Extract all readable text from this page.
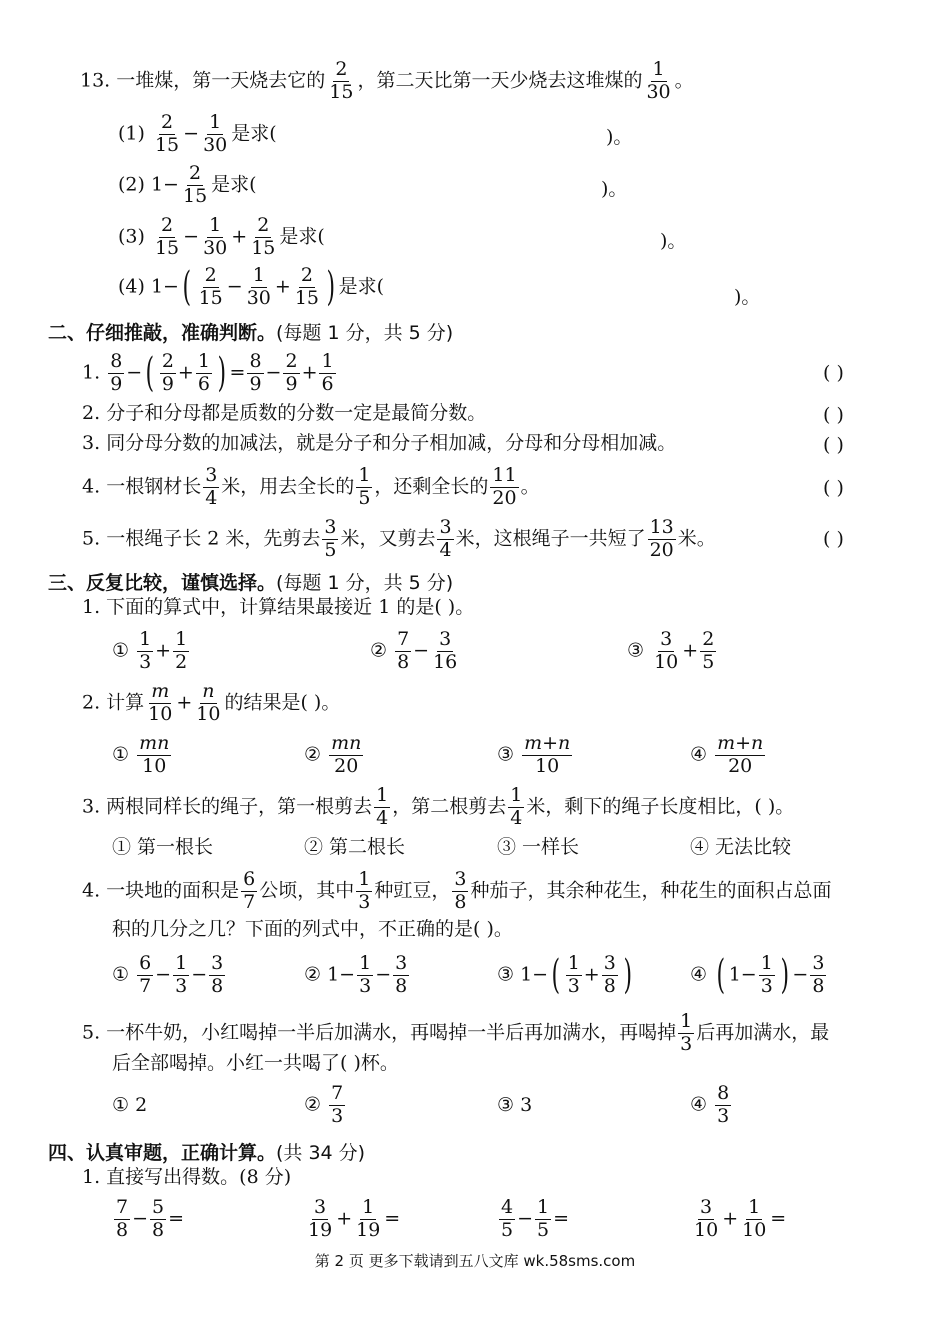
13. 一堆煤，第一天烧去它的 $\frac{2}{15}$ ，第二天比第一天少烧去这堆煤的 $\frac{1}{30}$ 。
$(1) \frac{2}{15} - \frac{1}{30}$ 是求(	)。
(2) $1- \frac{2}{15}$ 是求(	)。
$(3) \frac{2}{15} - \frac{1}{30} + \frac{2}{15}$ 是求(	)。
(4) $1-( \frac{2}{15} - \frac{1}{30} + \frac{2}{15}$ ) 是求(	)。
二、仔细推敲，准确判断。(每题 1 分，共 5 分)
1. $\frac{8}{9}$ −( $\frac{2}{9} + \frac{1}{6}$ ) = $\frac{8}{9} - \frac{2}{9} + \frac{1}{6}$	( )
2. 分子和分母都是质数的分数一定是最简分数。	( )
3. 同分母分数的加减法，就是分子和分子相加减，分母和分母相加减。	( )
4. 一根钢材长 $\frac{3}{4}$ 米，用去全长的 $\frac{1}{5}$ ，还剩全长的 $\frac{11}{20}$ 。	( )
5. 一根绳子长 2 米，先剪去 $\frac{3}{5}$ 米，又剪去 $\frac{3}{4}$ 米，这根绳子一共短了 $\frac{13}{20}$ 米。	( )
三、反复比较，谨慎选择。(每题 1 分，共 5 分)
1. 下面的算式中，计算结果最接近 1 的是( )。
① $\frac{1}{3} + \frac{1}{2}$	② $\frac{7}{8} - \frac{3}{16}$	③ $\frac{3}{10} + \frac{2}{5}$
2. 计算 $\frac{m}{10} + \frac{n}{10}$ 的结果是( )。
① $\frac{mn}{10}$	② $\frac{mn}{20}$	③ $\frac{m+n}{10}$	④ $\frac{m+n}{20}$
3. 两根同样长的绳子，第一根剪去 $\frac{1}{4}$ ，第二根剪去 $\frac{1}{4}$ 米，剩下的绳子长度相比，( )。
① 第一根长	② 第二根长	③ 一样长	④ 无法比较
4. 一块地的面积是 $\frac{6}{7}$ 公顷，其中 $\frac{1}{3}$ 种豇豆， $\frac{3}{8}$ 种茄子，其余种花生，种花生的面积占总面
积的几分之几？下面的列式中，不正确的是( )。
① $\frac{6}{7} - \frac{1}{3} - \frac{3}{8}$	② $1- \frac{1}{3} - \frac{3}{8}$	③ $1-( \frac{1}{3} + \frac{3}{8}$ )	④ ( $1- \frac{1}{3}$ ) − $\frac{3}{8}$
5. 一杯牛奶，小红喝掉一半后加满水，再喝掉一半后再加满水，再喝掉 $\frac{1}{3}$ 后再加满水，最
后全部喝掉。小红一共喝了( )杯。
① 2	② $\frac{7}{3}$	③ 3	④ $\frac{8}{3}$
四、认真审题，正确计算。(共 34 分)
1. 直接写出得数。(8 分)
$\frac{7}{8} - \frac{5}{8}$ =	$\frac{3}{19} + \frac{1}{19}$ =	$\frac{4}{5} - \frac{1}{5}$ =	$\frac{3}{10} + \frac{1}{10}$ =
第 2 页 更多下载请到五八文库 wk.58sms.com
